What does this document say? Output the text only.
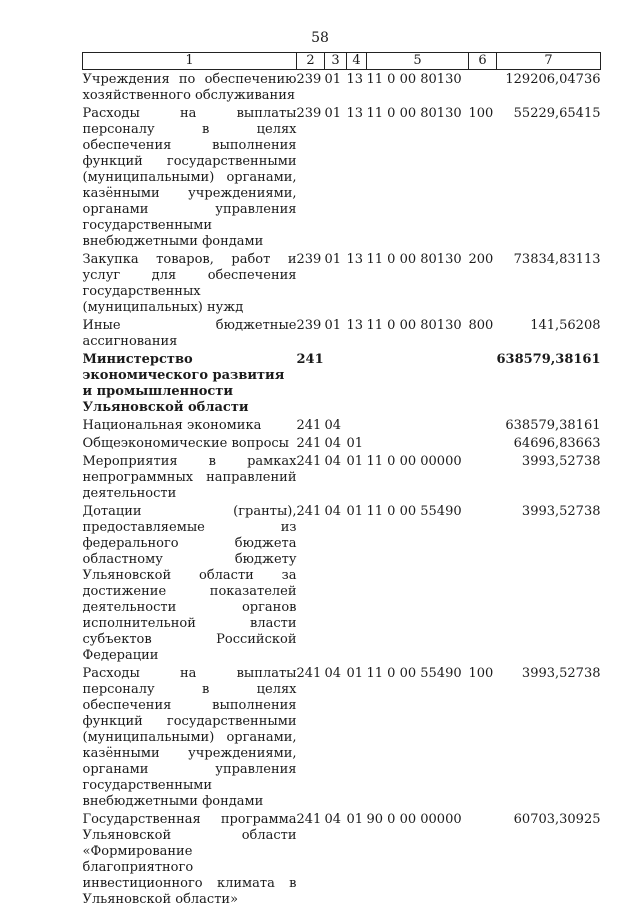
58
1	2	3	4	5	6	7
Учреждения по обеспечению хозяйственного обслуживания	239	01	13	11 0 00 80130		129206,04736
Расходы на выплаты персоналу в целях обеспечения выполнения функций государственными (муниципальными) органами, казёнными учреждениями, органами управления государственными внебюджетными фондами	239	01	13	11 0 00 80130	100	55229,65415
Закупка товаров, работ и услуг для обеспечения государственных (муниципальных) нужд	239	01	13	11 0 00 80130	200	73834,83113
Иные бюджетные ассигнования	239	01	13	11 0 00 80130	800	141,56208
Министерство экономического развития и промышленности Ульяновской области	241					638579,38161
Национальная экономика	241	04				638579,38161
Общеэкономические вопросы	241	04	01			64696,83663
Мероприятия в рамках непрограммных направлений деятельности	241	04	01	11 0 00 00000		3993,52738
Дотации (гранты), предоставляемые из федерального бюджета областному бюджету Ульяновской области за достижение показателей деятельности органов исполнительной власти субъектов Российской Федерации	241	04	01	11 0 00 55490		3993,52738
Расходы на выплаты персоналу в целях обеспечения выполнения функций государственными (муниципальными) органами, казёнными учреждениями, органами управления государственными внебюджетными фондами	241	04	01	11 0 00 55490	100	3993,52738
Государственная программа Ульяновской области «Формирование благоприятного инвестиционного климата в Ульяновской области»	241	04	01	90 0 00 00000		60703,30925
